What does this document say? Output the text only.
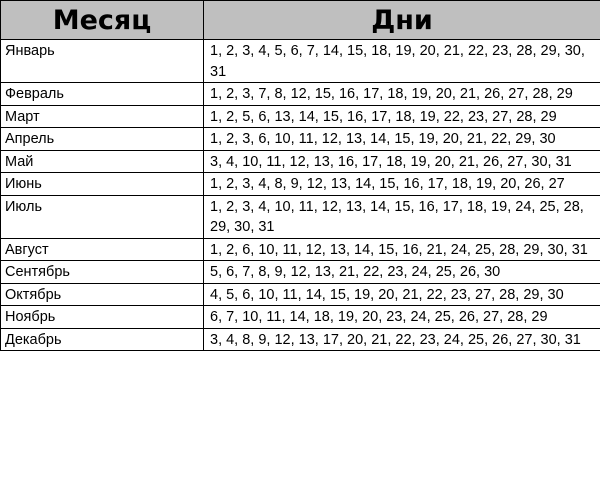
Месяц	Дни
Январь	1, 2, 3, 4, 5, 6, 7, 14, 15, 18, 19, 20, 21, 22, 23, 28, 29, 30, 31
Февраль	1, 2, 3, 7, 8, 12, 15, 16, 17, 18, 19, 20, 21, 26, 27, 28, 29
Март	1, 2, 5, 6, 13, 14, 15, 16, 17, 18, 19, 22, 23, 27, 28, 29
Апрель	1, 2, 3, 6, 10, 11, 12, 13, 14, 15, 19, 20, 21, 22, 29, 30
Май	3, 4, 10, 11, 12, 13, 16, 17, 18, 19, 20, 21, 26, 27, 30, 31
Июнь	1, 2, 3, 4, 8, 9, 12, 13, 14, 15, 16, 17, 18, 19, 20, 26, 27
Июль	1, 2, 3, 4, 10, 11, 12, 13, 14, 15, 16, 17, 18, 19, 24, 25, 28, 29, 30, 31
Август	1, 2, 6, 10, 11, 12, 13, 14, 15, 16, 21, 24, 25, 28, 29, 30, 31
Сентябрь	5, 6, 7, 8, 9, 12, 13, 21, 22, 23, 24, 25, 26, 30
Октябрь	4, 5, 6, 10, 11, 14, 15, 19, 20, 21, 22, 23, 27, 28, 29, 30
Ноябрь	6, 7, 10, 11, 14, 18, 19, 20, 23, 24, 25, 26, 27, 28, 29
Декабрь	3, 4, 8, 9, 12, 13, 17, 20, 21, 22, 23, 24, 25, 26, 27, 30, 31
